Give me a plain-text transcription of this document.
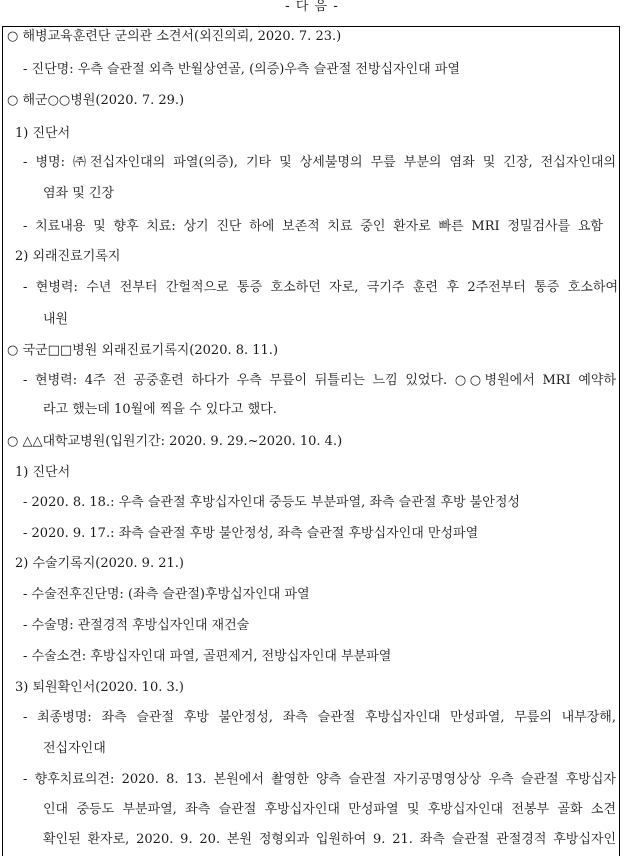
- 다 음 -
○ 해병교육훈련단 군의관 소견서(외진의뢰, 2020. 7. 23.)
- 진단명: 우측 슬관절 외측 반월상연골, (의증)우측 슬관절 전방십자인대 파열
○ 해군○○병원(2020. 7. 29.)
1) 진단서
- 병명: ㈜전십자인대의 파열(의증), 기타 및 상세불명의 무릎 부분의 염좌 및 긴장, 전십자인대의
염좌 및 긴장
- 치료내용 및 향후 치료: 상기 진단 하에 보존적 치료 중인 환자로 빠른 MRI 정밀검사를 요함
2) 외래진료기록지
- 현병력: 수년 전부터 간헐적으로 통증 호소하던 자로, 극기주 훈련 후 2주전부터 통증 호소하여
내원
○ 국군□□병원 외래진료기록지(2020. 8. 11.)
- 현병력: 4주 전 공중훈련 하다가 우측 무릎이 뒤틀리는 느낌 있었다. ○○병원에서 MRI 예약하
라고 했는데 10월에 찍을 수 있다고 했다.
○ △△대학교병원(입원기간: 2020. 9. 29.~2020. 10. 4.)
1) 진단서
- 2020. 8. 18.: 우측 슬관절 후방십자인대 중등도 부분파열, 좌측 슬관절 후방 불안정성
- 2020. 9. 17.: 좌측 슬관절 후방 불안정성, 좌측 슬관절 후방십자인대 만성파열
2) 수술기록지(2020. 9. 21.)
- 수술전후진단명: (좌측 슬관절)후방십자인대 파열
- 수술명: 관절경적 후방십자인대 재건술
- 수술소견: 후방십자인대 파열, 골편제거, 전방십자인대 부분파열
3) 퇴원확인서(2020. 10. 3.)
- 최종병명: 좌측 슬관절 후방 불안정성, 좌측 슬관절 후방십자인대 만성파열, 무릎의 내부장해,
전십자인대
- 향후치료의견: 2020. 8. 13. 본원에서 촬영한 양측 슬관절 자기공명영상상 우측 슬관절 후방십자
인대 중등도 부분파열, 좌측 슬관절 후방십자인대 만성파열 및 후방십자인대 전봉부 골화 소견
확인된 환자로, 2020. 9. 20. 본원 정형외과 입원하여 9. 21. 좌측 슬관절 관절경적 후방십자인
